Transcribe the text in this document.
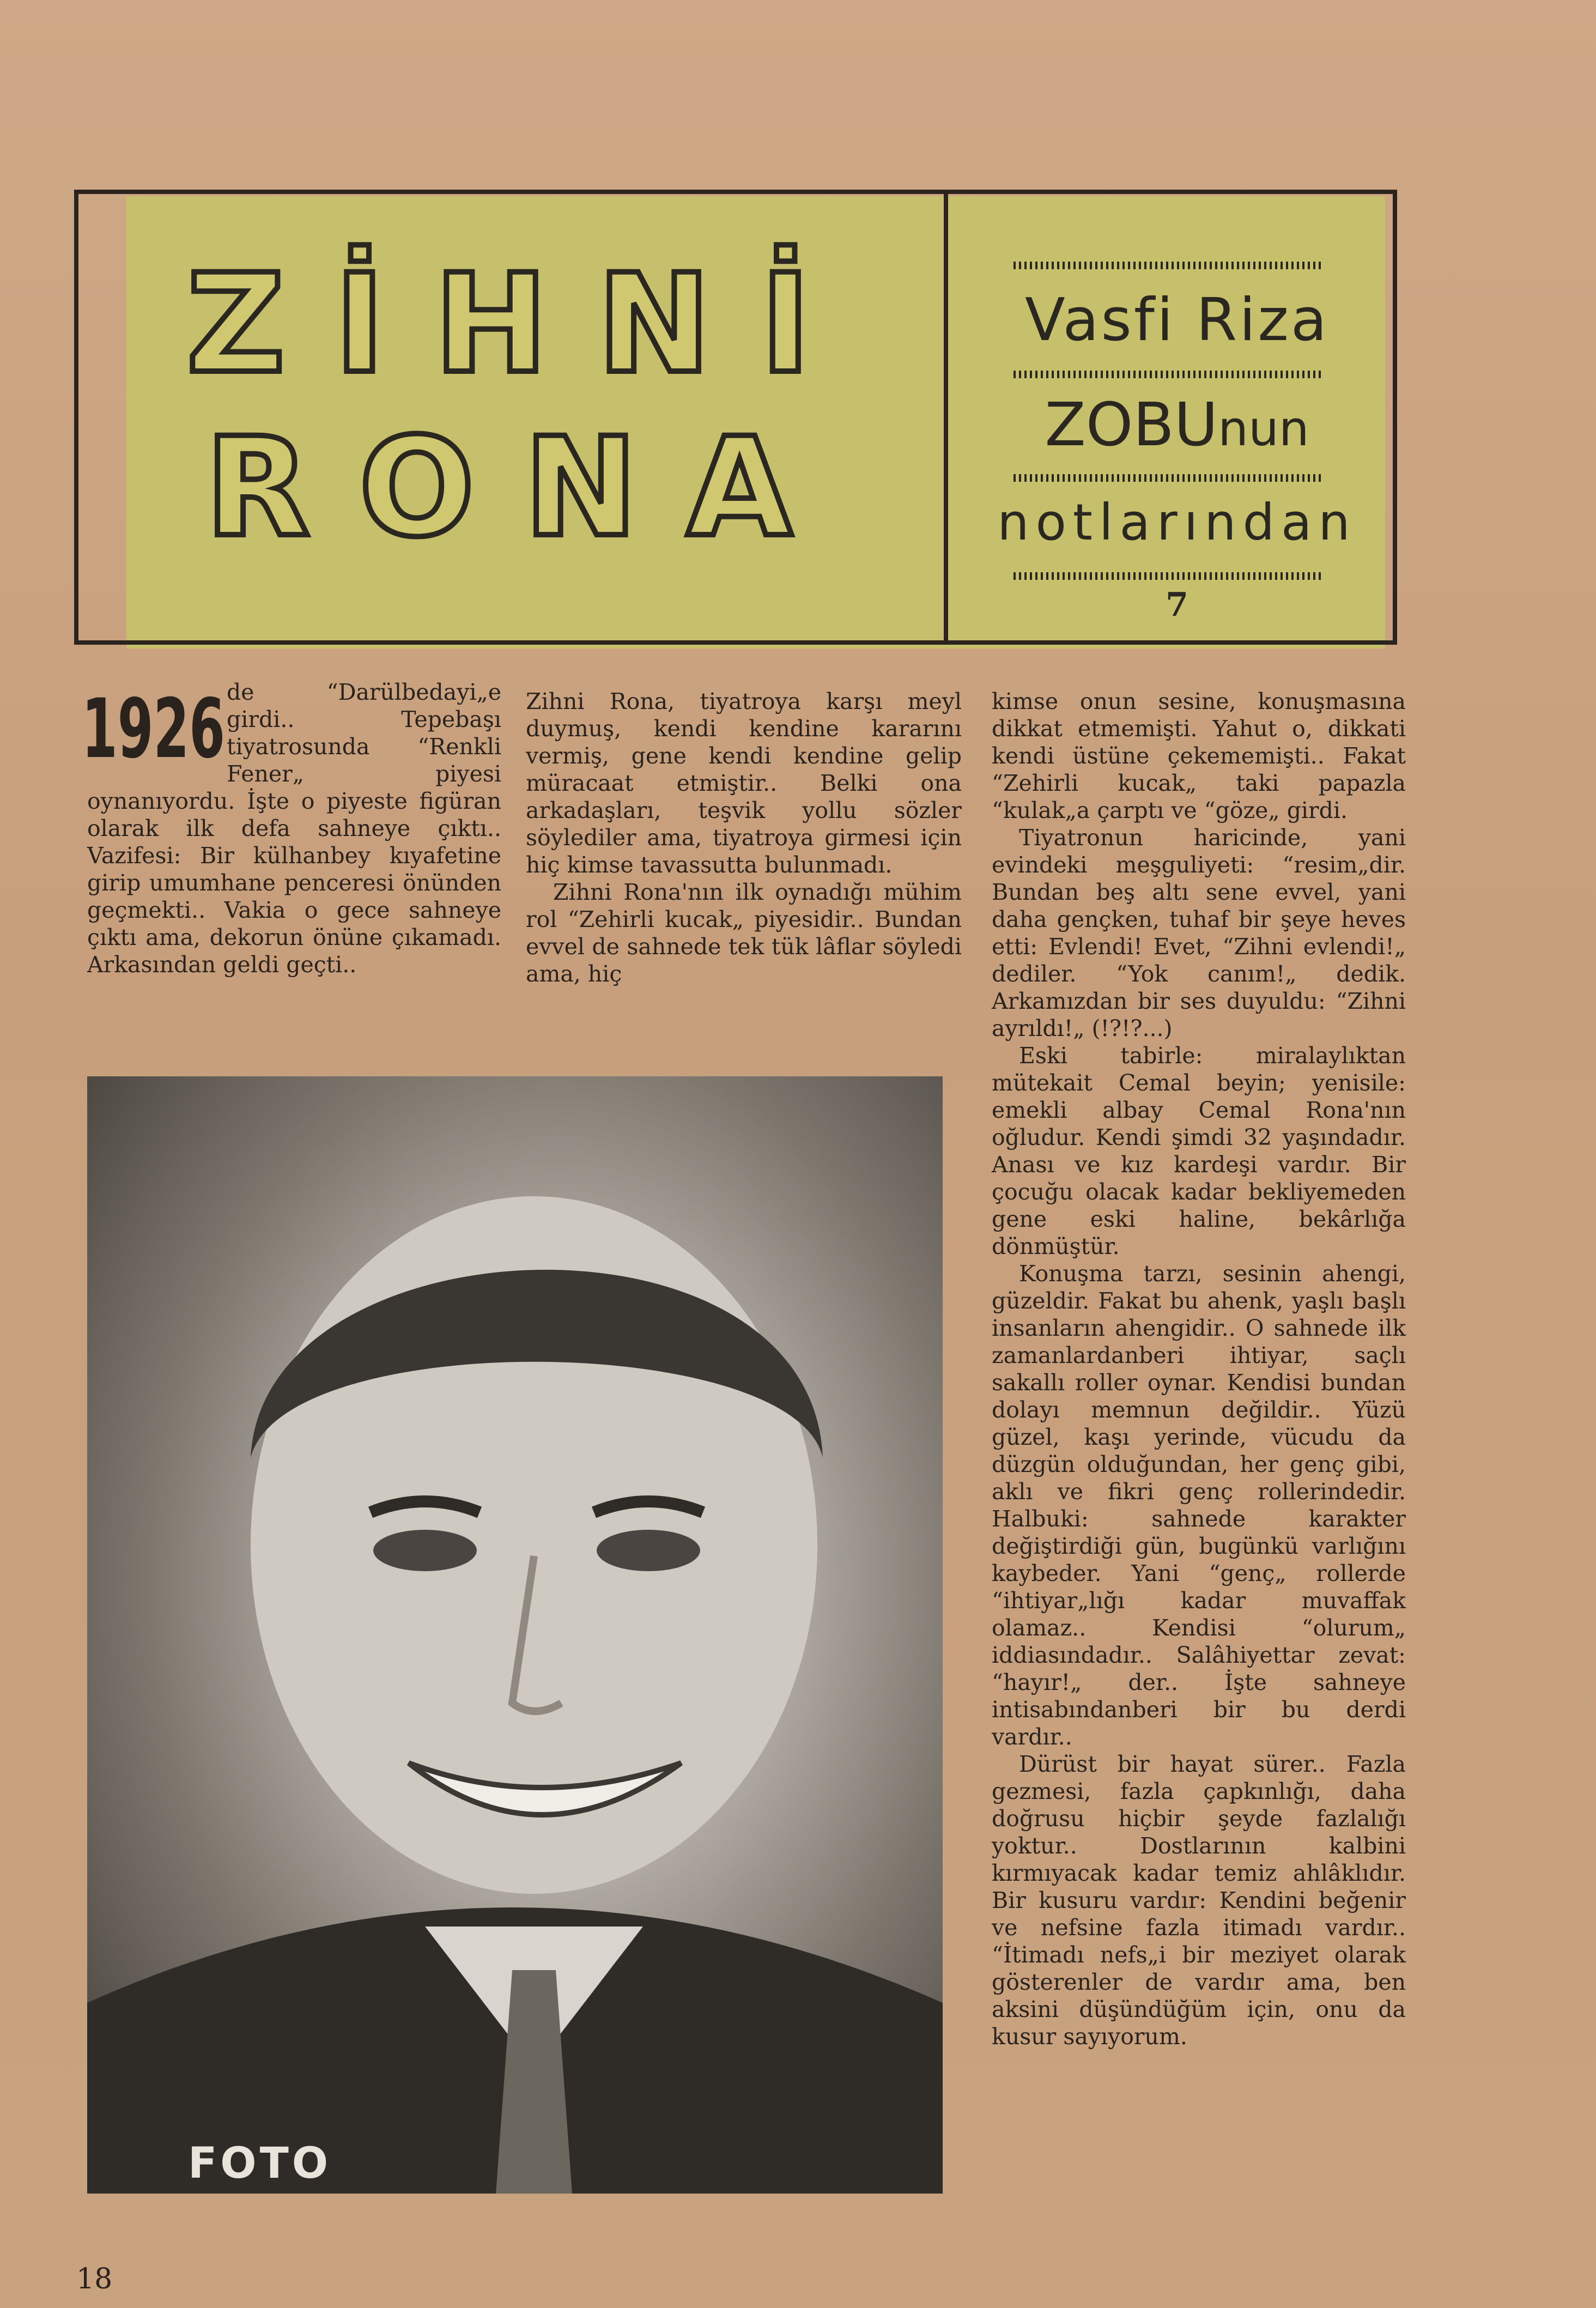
ZİHNİ
RONA
Vasfi Riza
ZOBUnun
notlarından
7
1926 de “Darülbedayi„e girdi.. Tepebaşı tiyatrosunda “Renkli Fener„ piyesi oynanıyordu. İşte o piyeste figüran olarak ilk defa sahneye çıktı.. Vazifesi: Bir külhanbey kıyafetine girip umumhane penceresi önünden geçmekti.. Vakia o gece sahneye çıktı ama, dekorun önüne çıkamadı. Arkasından geldi geçti..

Zihni Rona, tiyatroya karşı meyl duymuş, kendi kendine kararını vermiş, gene kendi kendine gelip müracaat etmiştir.. Belki ona arkadaşları, teşvik yollu sözler söylediler ama, tiyatroya girmesi için hiç kimse tavassutta bulunmadı.

Zihni Rona'nın ilk oynadığı mühim rol “Zehirli kucak„ piyesidir.. Bundan evvel de sahnede tek tük lâflar söyledi ama, hiç

kimse onun sesine, konuşmasına dikkat etmemişti. Yahut o, dikkati kendi üstüne çekememişti.. Fakat “Zehirli kucak„ taki papazla “kulak„a çarptı ve “göze„ girdi.

Tiyatronun haricinde, yani evindeki meşguliyeti: “resim„dir. Bundan beş altı sene evvel, yani daha gençken, tuhaf bir şeye heves etti: Evlendi! Evet, “Zihni evlendi!„ dediler. “Yok canım!„ dedik. Arkamızdan bir ses duyuldu: “Zihni ayrıldı!„ (!?!?...)

Eski tabirle: miralaylıktan mütekait Cemal beyin; yenisile: emekli albay Cemal Rona'nın oğludur. Kendi şimdi 32 yaşındadır. Anası ve kız kardeşi vardır. Bir çocuğu olacak kadar bekliyemeden gene eski haline, bekârlığa dönmüştür.

Konuşma tarzı, sesinin ahengi, güzeldir. Fakat bu ahenk, yaşlı başlı insanların ahengidir.. O sahnede ilk zamanlardanberi ihtiyar, saçlı sakallı roller oynar. Kendisi bundan dolayı memnun değildir.. Yüzü güzel, kaşı yerinde, vücudu da düzgün olduğundan, her genç gibi, aklı ve fikri genç rollerindedir. Halbuki: sahnede karakter değiştirdiği gün, bugünkü varlığını kaybeder. Yani “genç„ rollerde “ihtiyar„lığı kadar muvaffak olamaz.. Kendisi “olurum„ iddiasındadır.. Salâhiyettar zevat: “hayır!„ der.. İşte sahneye intisabındanberi bir bu derdi vardır..

Dürüst bir hayat sürer.. Fazla gezmesi, fazla çapkınlığı, daha doğrusu hiçbir şeyde fazlalığı yoktur.. Dostlarının kalbini kırmıyacak kadar temiz ahlâklıdır. Bir kusuru vardır: Kendini beğenir ve nefsine fazla itimadı vardır.. “İtimadı nefs„i bir meziyet olarak gösterenler de vardır ama, ben aksini düşündüğüm için, onu da kusur sayıyorum.

FOTO
18
